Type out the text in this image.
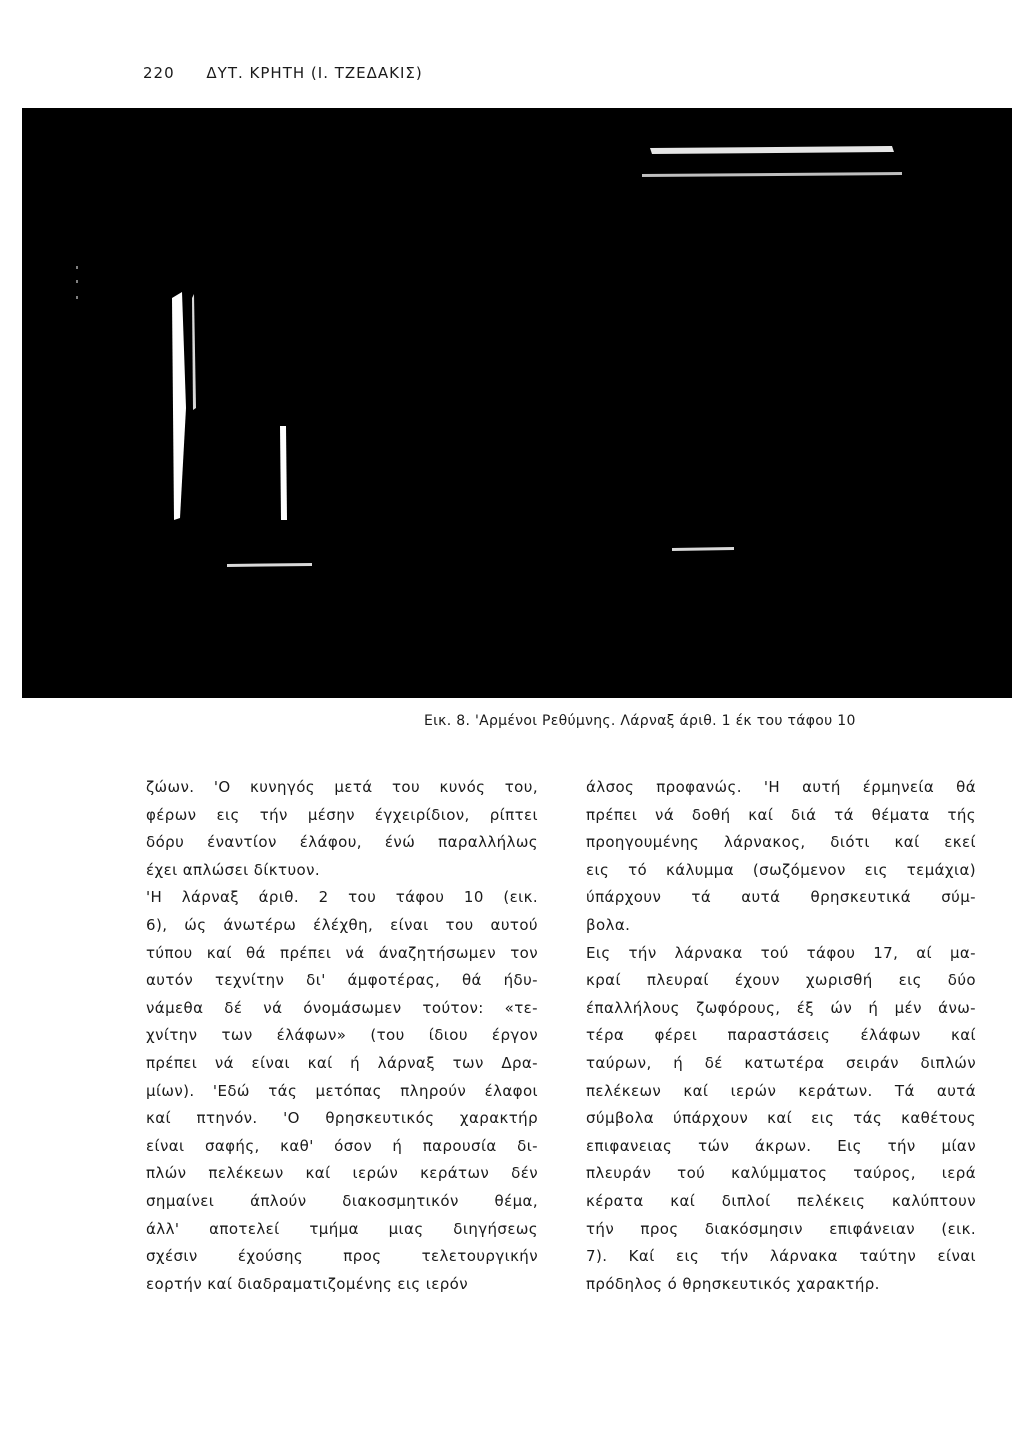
220 ΔΥΤ. ΚΡΗΤΗ (Ι. ΤΖΕΔΑΚΙΣ)
Εικ. 8. 'Αρμένοι Ρεθύμνης. Λάρναξ άριθ. 1 έκ του τάφου 10
ζώων. 'Ο κυνηγός μετά του κυνός του,
φέρων εις τήν μέσην έγχειρίδιον, ρίπτει
δόρυ έναντίον έλάφου, ένώ παραλλήλως
έχει απλώσει δίκτυον.
'Η λάρναξ άριθ. 2 του τάφου 10 (εικ.
6), ώς άνωτέρω έλέχθη, είναι του αυτού
τύπου καί θά πρέπει νά άναζητήσωμεν τον
αυτόν τεχνίτην δι' άμφοτέρας, θά ήδυ-
νάμεθα δέ νά όνομάσωμεν τούτον: «τε-
χνίτην των έλάφων» (του ίδιου έργον
πρέπει νά είναι καί ή λάρναξ των Δρα-
μίων). 'Εδώ τάς μετόπας πληρούν έλαφοι
καί πτηνόν. 'Ο θρησκευτικός χαρακτήρ
είναι σαφής, καθ' όσον ή παρουσία δι-
πλών πελέκεων καί ιερών κεράτων δέν
σημαίνει άπλούν διακοσμητικόν θέμα,
άλλ' αποτελεί τμήμα μιας διηγήσεως
σχέσιν έχούσης προς τελετουργικήν
εορτήν καί διαδραματιζομένης εις ιερόν
άλσος προφανώς. 'Η αυτή έρμηνεία θά
πρέπει νά δοθή καί διά τά θέματα τής
προηγουμένης λάρνακος, διότι καί εκεί
εις τό κάλυμμα (σωζόμενον εις τεμάχια)
ύπάρχουν τά αυτά θρησκευτικά σύμ-
βολα.
Εις τήν λάρνακα τού τάφου 17, αί μα-
κραί πλευραί έχουν χωρισθή εις δύο
έπαλλήλους ζωφόρους, έξ ών ή μέν άνω-
τέρα φέρει παραστάσεις έλάφων καί
ταύρων, ή δέ κατωτέρα σειράν διπλών
πελέκεων καί ιερών κεράτων. Τά αυτά
σύμβολα ύπάρχουν καί εις τάς καθέτους
επιφανειας τών άκρων. Εις τήν μίαν
πλευράν τού καλύμματος ταύρος, ιερά
κέρατα καί διπλοί πελέκεις καλύπτουν
τήν προς διακόσμησιν επιφάνειαν (εικ.
7). Καί εις τήν λάρνακα ταύτην είναι
πρόδηλος ό θρησκευτικός χαρακτήρ.
